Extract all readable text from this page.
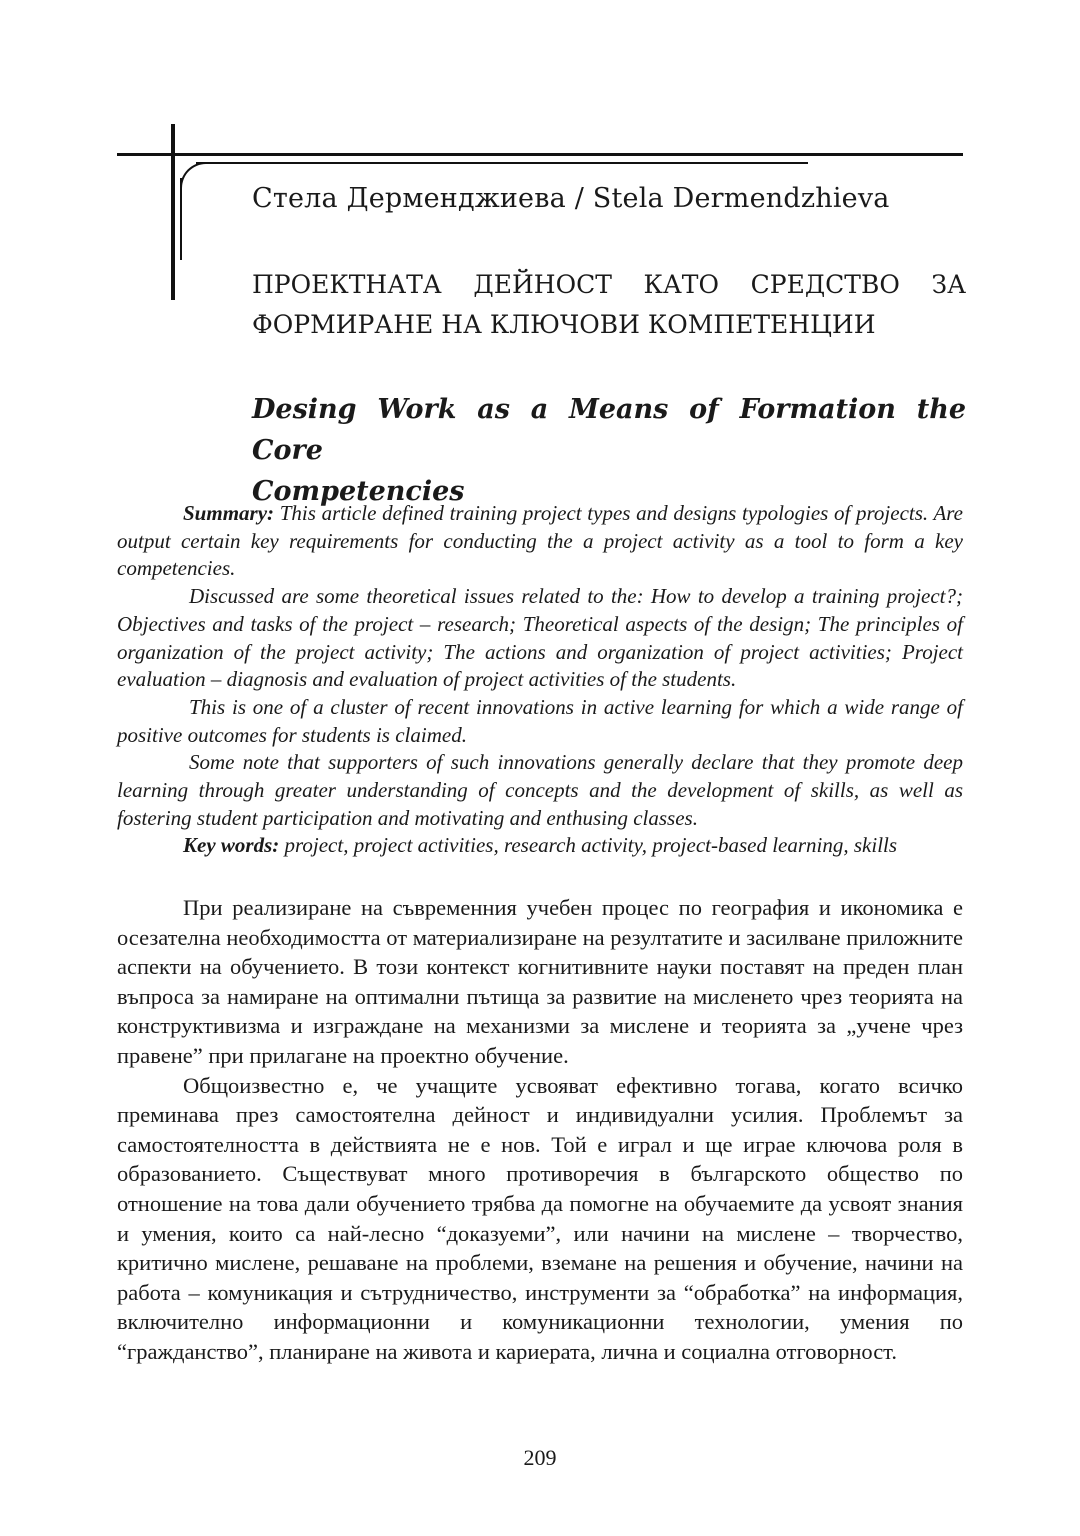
Стела Дерменджиева / Stela Dermendzhieva
ПРОЕКТНАТА ДЕЙНОСТ КАТО СРЕДСТВО ЗА
ФОРМИРАНЕ НА КЛЮЧОВИ КОМПЕТЕНЦИИ
Desing Work as a Means of Formation the Core
Competencies

Summary: This article defined training project types and designs typologies of projects. Are output certain key requirements for conducting the a project activity as a tool to form a key competencies.

Discussed are some theoretical issues related to the: How to develop a training project?; Objectives and tasks of the project – research; Theoretical aspects of the design; The principles of organization of the project activity; The actions and organization of project activities; Project evaluation – diagnosis and evaluation of project activities of the students.

This is one of a cluster of recent innovations in active learning for which a wide range of positive outcomes for students is claimed.

Some note that supporters of such innovations generally declare that they promote deep learning through greater understanding of concepts and the development of skills, as well as fostering student participation and motivating and enthusing classes.

Key words: project, project activities, research activity, project-based learning, skills

При реализиране на съвременния учебен процес по география и икономика е осезателна необходимостта от материализиране на резултатите и засилване приложните аспекти на обучението. В този контекст когнитивните науки поставят на преден план въпроса за намиране на оптимални пътища за развитие на мисленето чрез теорията на конструктивизма и изграждане на механизми за мислене и теорията за „учене чрез правене” при прилагане на проектно обучение.

Общоизвестно е, че учащите усвояват ефективно тогава, когато всичко преминава през самостоятелна дейност и индивидуални усилия. Проблемът за самостоятелността в действията не е нов. Той е играл и ще играе ключова роля в образованието. Съществуват много противоречия в българското общество по отношение на това дали обучението трябва да помогне на обучаемите да усвоят знания и умения, които са най-лесно “доказуеми”, или начини на мислене – творчество, критично мислене, решаване на проблеми, вземане на решения и обучение, начини на работа – комуникация и сътрудничество, инструменти за “обработка” на информация, включително информационни и комуникационни технологии, умения по “гражданство”, планиране на живота и кариерата, лична и социална отговорност.

209
